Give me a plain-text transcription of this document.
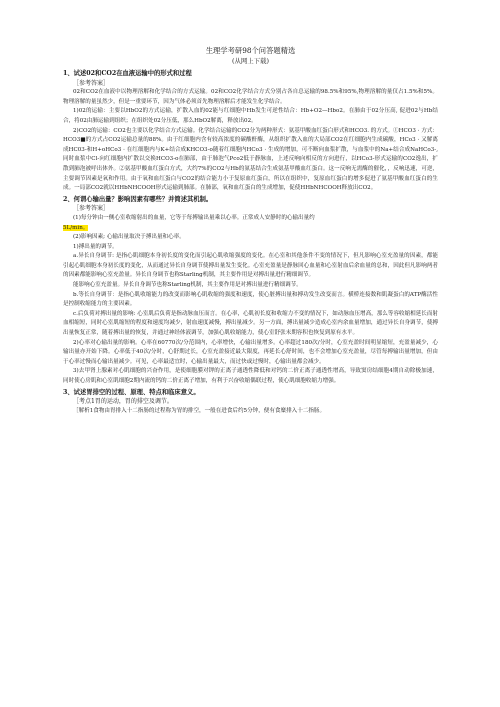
生理学考研98个问答题精选

(从网上下载)

1、试述02和CO2在血液运输中的形式和过程

［参考答案］

02和CO2在血液中以物理溶解和化学结合的方式运输。02和CO2化学结合方式分别占各自总运输的98.5%和95%,物理溶解的量仅占1.5%和5%。物理溶解的量虽然少，但是一重要环节，因为气体必须首先物理溶解后才能发生化学结合。

1)02的运输：主要以HbO2的方式运输，扩散入血的02能与红细胞中Hb发生可逆性结合：Hb+O2—Hbo2。在肺由于02分压高, 促进02与Hb结合，将02由肺运输到组织；在组织处02分压低，那么HbO2解离，释放出02。

2)CO2的运输：CO2也主要以化学结合方式运输。化学结合运输的CO2分为两种形式：氨基甲酸血红蛋白形式和HCO3. 的方式。①HCO3 · 方式：HCO3■的方式占CO2运输总量的88%。由于红细胞内含有较高浓度的碳酸酐酶，从组织扩散入血的大局部CO2在红细胞内生成碳酸，HCo3 · 又解离成HC03-和H+oHCo3 · 在红细胞内与K+结合成KHCO3-o随着红细胞内HCo3 · 生成的增加，可不断向血浆扩散，与血浆中的Na+结合成NaHCo3-,同时血浆中Cl-向红细胞内扩散以交换HCO3-o在肺部，由于肺泡气Pco2低于静脉血，上述反响向相反的方向进行，以HCo3-形式运输的CO2逸出，扩散到肺泡被呼出体外。②氨基甲酸血红蛋白方式，大约7%的CO2与Hb的氨基结合生成氨基甲酸血红蛋白。这一反响无需酶的催化，，反响迅速，可逆，主要调节因素是氧和作用。由于氧和血红蛋白与CO2的结合能力小于复原血红蛋白，所以在组织中，复原血红蛋白的增多促进了氨基甲酸血红蛋白的生成。一局部CO2就以HHbNHCOOH形式运输到肺部。在肺部，氧和血红蛋白的生成增加，促使HHbNHCOOH释放出CO2。

2、何谓心输出量？影响因素有哪些？并简述其机制。

［参考答案］

(1)每分钟由一侧心室收缩射出的血量，它等于每搏输出量乘以心率。正常成人安静时的心输出量约

5L/min。

(2)影响因素; 心输出量取决于搏出量和心率。

1)搏出量的调节。

a.异长自身调节: 是指心肌细胞本身初长度的变化而引起心肌收缩强度的变化。在心室和其他条件不变的情况下，但凡影响心室充盈量的因素，都能引起心肌细胞本身初长度的变化，从而通过异长自身调节使搏出量发生变化。心室充盈量是静脉回心血量和心室射血后余血量的总和，因此但凡影响两者的因素都能影响心室充盈量。异长自身调节也称Starling机制，其主要作用是对搏出量进行精细调节。

能影响心室充盈量。异长自身调节也称Starling机制，其主要作用是对搏出量进行精细调节。

b.等长自身调节：是指心肌收缩能力的改变而影响心肌收缩的强度和速度，使心脏搏出量和搏功发生改变而言。横桥连接数和肌凝蛋白的ATP酶活性是控制收缩能力的主要因素。

c.后负荷对搏出量的影响: 心室肌后负荷是指动脉血压而言。在心率，心肌初长度和收缩力不变的情况下，如动脉血压增高，那么等容收缩相延长而射血相缩短，同时心室肌缩短的程度和速度均减少，射血速度减慢，搏出量减少。另一方面，搏出量减少造成心室内余血量增加，通过异长自身调节，使搏出量恢复正常，随着搏出量的恢复，并通过神经体液调节，加强心肌收缩能力，使心室舒张末期容积也恢复到原有水平。

2)心率对心输出量的影响。心率在60770次/分范围内，心率增快，心输出量增多。心率超过180次/分时，心室充盈时间明显缩短，充盈量减少，心输出量亦开始下降。心率低于40次/分时，心舒期过长，心室充盈接近最大限度，再延长心舒时间，也不会增加心室充盈量，尽管每搏输出量增加，但由于心率过慢而心输出量减少。可见，心率最适宜时，心输出量最大，而过快或过慢时，心输出量都会减少。

3)去甲肾上腺素对心肌细胞的兴奋作用，是使细胞膜对钾的正离子通透性降低和对钙的二价正离子通透性增高，导致窦房结细胞4期自动除极加速，同时使心房肌和心室肌细胞2期内流的钙的二价正离子增加，有利于兴奋收缩偶联过程，使心肌细胞收缩力增强。

3、试述胃排空的过程、原理、特点和临床意义。

［考点1胃的运动，胃的排空及调节。

［解析1食物由胃排入十二指肠的过程称为胃的排空，一般在进食后约5分钟，便有食糜排入十二指肠。
